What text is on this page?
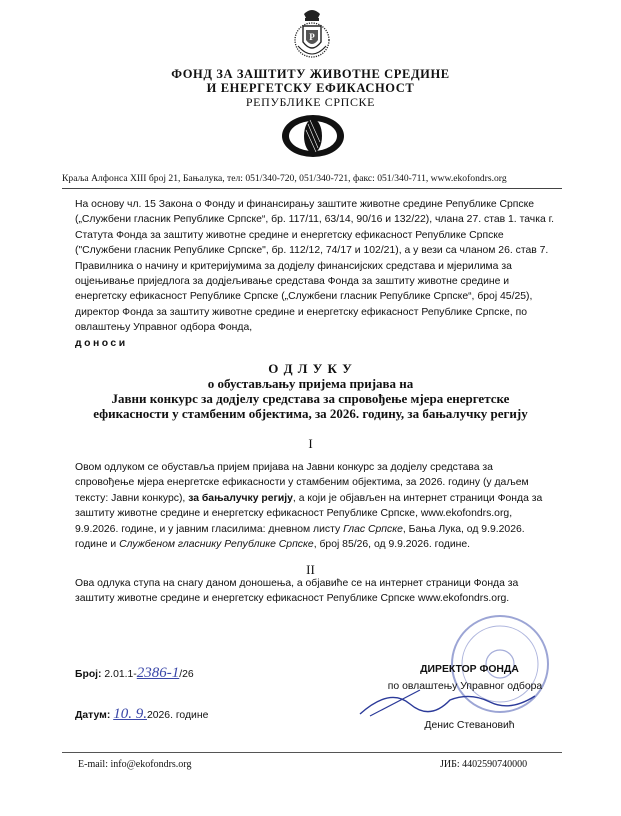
Р
ФОНД ЗА ЗАШТИТУ ЖИВОТНЕ СРЕДИНЕ
И ЕНЕРГЕТСКУ ЕФИКАСНОСТ
РЕПУБЛИКЕ СРПСКЕ
Краља Алфонса XIII број 21, Бањалука, тел: 051/340-720, 051/340-721, факс: 051/340-711, www.ekofondrs.org
На основу чл. 15 Закона о Фонду и финансирању заштите животне средине Републике Српске („Службени гласник Републике Српске“, бр. 117/11, 63/14, 90/16 и 132/22), члана 27. став 1. тачка г. Статута Фонда за заштиту животне средине и енергетску ефикасност Републике Српске ("Службени гласник Републике Српске", бр. 112/12, 74/17 и 102/21), а у вези са чланом 26. став 7. Правилника о начину и критеријумима за додјелу финансијских средстава и мјерилима за оцјењивање приједлога за додјељивање средстава Фонда за заштиту животне средине и енергетску ефикасност Републике Српске („Службени гласник Републике Српске“, број 45/25), директор Фонда за заштиту животне средине и енергетску ефикасност Републике Српске, по овлаштењу Управног одбора Фонда,
доноси
О Д Л У К У
о обустављању пријема пријава на
Јавни конкурс за додјелу средстава за спровођење мјера енергетске
ефикасности у стамбеним објектима, за 2026. годину, за бањалучку регију
I
Овом одлуком се обуставља пријем пријава на Јавни конкурс за додјелу средстава за спровођење мјера енергетске ефикасности у стамбеним објектима, за 2026. годину (у даљем тексту: Јавни конкурс), за бањалучку регију, а који је објављен на интернет страници Фонда за заштиту животне средине и енергетску ефикасност Републике Српске, www.ekofondrs.org, 9.9.2026. године, и у јавним гласилима: дневном листу Глас Српске, Бања Лука, од 9.9.2026. године и Службеном гласнику Републике Српске, број 85/26, од 9.9.2026. године.
II
Ова одлука ступа на снагу даном доношења, а објавиће се на интернет страници Фонда за заштиту животне средине и енергетску ефикасност Републике Српске www.ekofondrs.org.
Број: 2.01.1-2386-1/26
Датум: 10. 9.2026. године
ДИРЕКТОР ФОНДА
по овлаштењу Управног одбора
Денис Стевановић
E-mail: info@ekofondrs.org	ЈИБ: 4402590740000
